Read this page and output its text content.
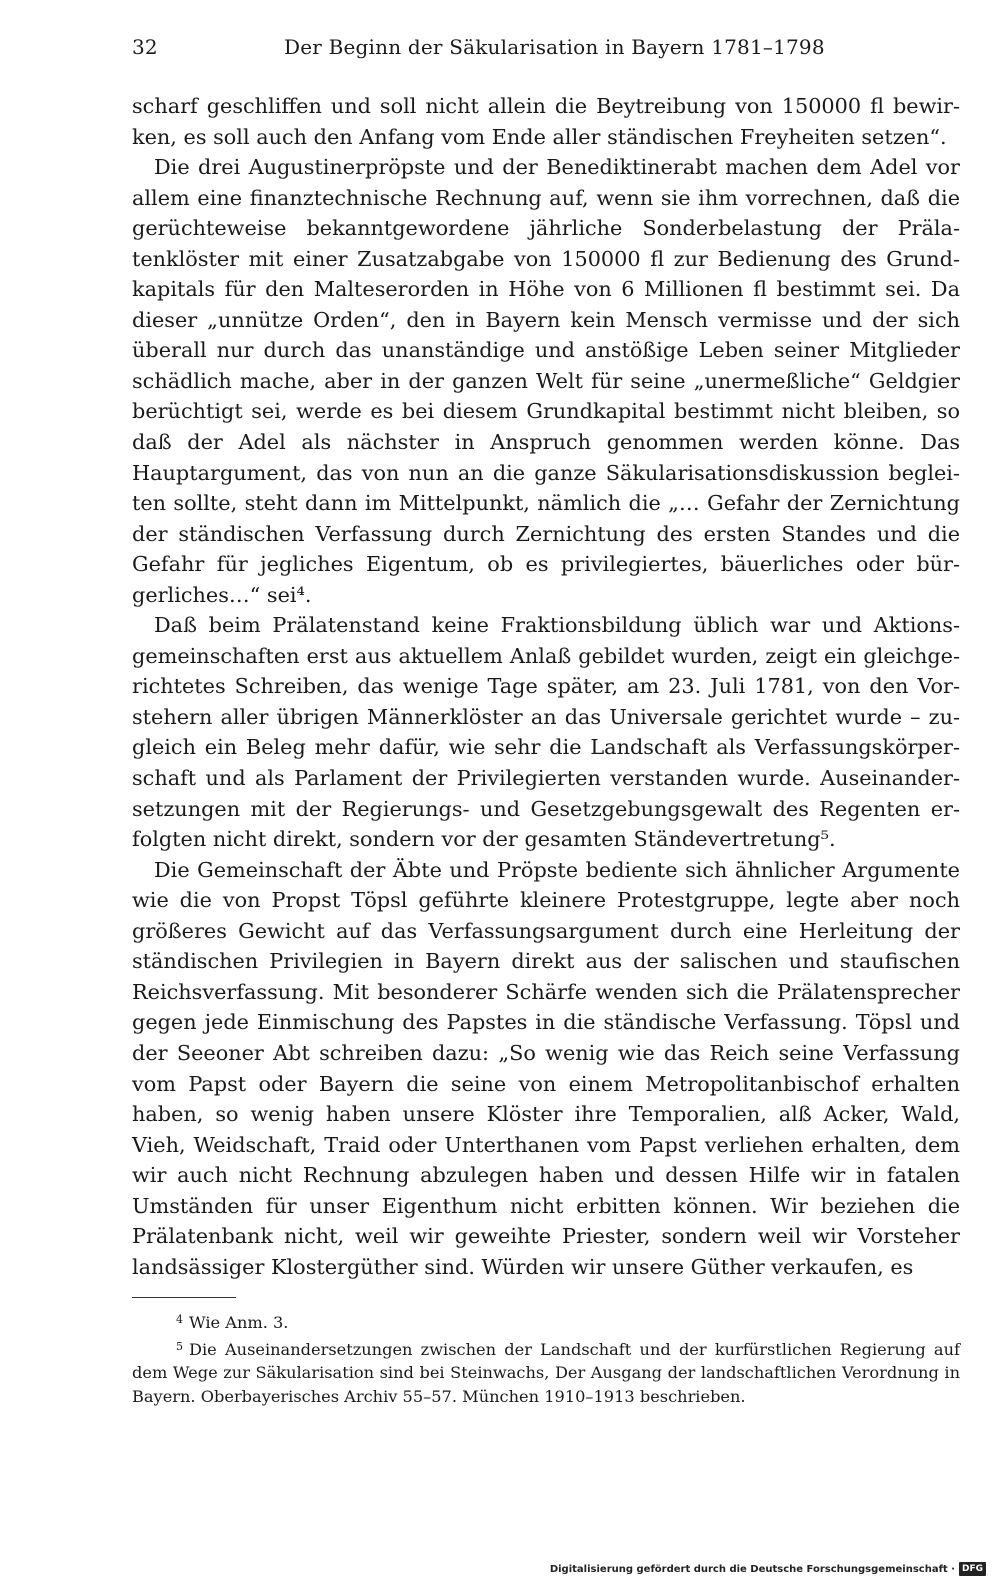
32	Der Beginn der Säkularisation in Bayern 1781–1798

scharf geschliffen und soll nicht allein die Beytreibung von 150000 fl bewirken, es soll auch den Anfang vom Ende aller ständischen Freyheiten setzen“.

Die drei Augustinerpröpste und der Benediktinerabt machen dem Adel vor allem eine finanztechnische Rechnung auf, wenn sie ihm vorrechnen, daß die gerüchteweise bekanntgewordene jährliche Sonderbelastung der Prälatenklöster mit einer Zusatzabgabe von 150000 fl zur Bedienung des Grundkapitals für den Malteserorden in Höhe von 6 Millionen fl bestimmt sei. Da dieser „unnütze Orden“, den in Bayern kein Mensch vermisse und der sich überall nur durch das unanständige und anstößige Leben seiner Mitglieder schädlich mache, aber in der ganzen Welt für seine „unermeßliche“ Geldgier berüchtigt sei, werde es bei diesem Grundkapital bestimmt nicht bleiben, so daß der Adel als nächster in Anspruch genommen werden könne. Das Hauptargument, das von nun an die ganze Säkularisationsdiskussion begleiten sollte, steht dann im Mittelpunkt, nämlich die „… Gefahr der Zernichtung der ständischen Verfassung durch Zernichtung des ersten Standes und die Gefahr für jegliches Eigentum, ob es privilegiertes, bäuerliches oder bürgerliches…“ sei⁴.

Daß beim Prälatenstand keine Fraktionsbildung üblich war und Aktionsgemeinschaften erst aus aktuellem Anlaß gebildet wurden, zeigt ein gleichgerichtetes Schreiben, das wenige Tage später, am 23. Juli 1781, von den Vorstehern aller übrigen Männerklöster an das Universale gerichtet wurde – zugleich ein Beleg mehr dafür, wie sehr die Landschaft als Verfassungskörperschaft und als Parlament der Privilegierten verstanden wurde. Auseinandersetzungen mit der Regierungs- und Gesetzgebungsgewalt des Regenten erfolgten nicht direkt, sondern vor der gesamten Ständevertretung⁵.

Die Gemeinschaft der Äbte und Pröpste bediente sich ähnlicher Argumente wie die von Propst Töpsl geführte kleinere Protestgruppe, legte aber noch größeres Gewicht auf das Verfassungsargument durch eine Herleitung der ständischen Privilegien in Bayern direkt aus der salischen und staufischen Reichsverfassung. Mit besonderer Schärfe wenden sich die Prälatensprecher gegen jede Einmischung des Papstes in die ständische Verfassung. Töpsl und der Seeoner Abt schreiben dazu: „So wenig wie das Reich seine Verfassung vom Papst oder Bayern die seine von einem Metropolitanbischof erhalten haben, so wenig haben unsere Klöster ihre Temporalien, alß Acker, Wald, Vieh, Weidschaft, Traid oder Unterthanen vom Papst verliehen erhalten, dem wir auch nicht Rechnung abzulegen haben und dessen Hilfe wir in fatalen Umständen für unser Eigenthum nicht erbitten können. Wir beziehen die Prälatenbank nicht, weil wir geweihte Priester, sondern weil wir Vorsteher landsässiger Klostergüther sind. Würden wir unsere Güther verkaufen, es

4 Wie Anm. 3.

5 Die Auseinandersetzungen zwischen der Landschaft und der kurfürstlichen Regierung auf dem Wege zur Säkularisation sind bei Steinwachs, Der Ausgang der landschaftlichen Verordnung in Bayern. Oberbayerisches Archiv 55–57. München 1910–1913 beschrieben.

Digitalisierung gefördert durch die Deutsche Forschungsgemeinschaft · DFG
